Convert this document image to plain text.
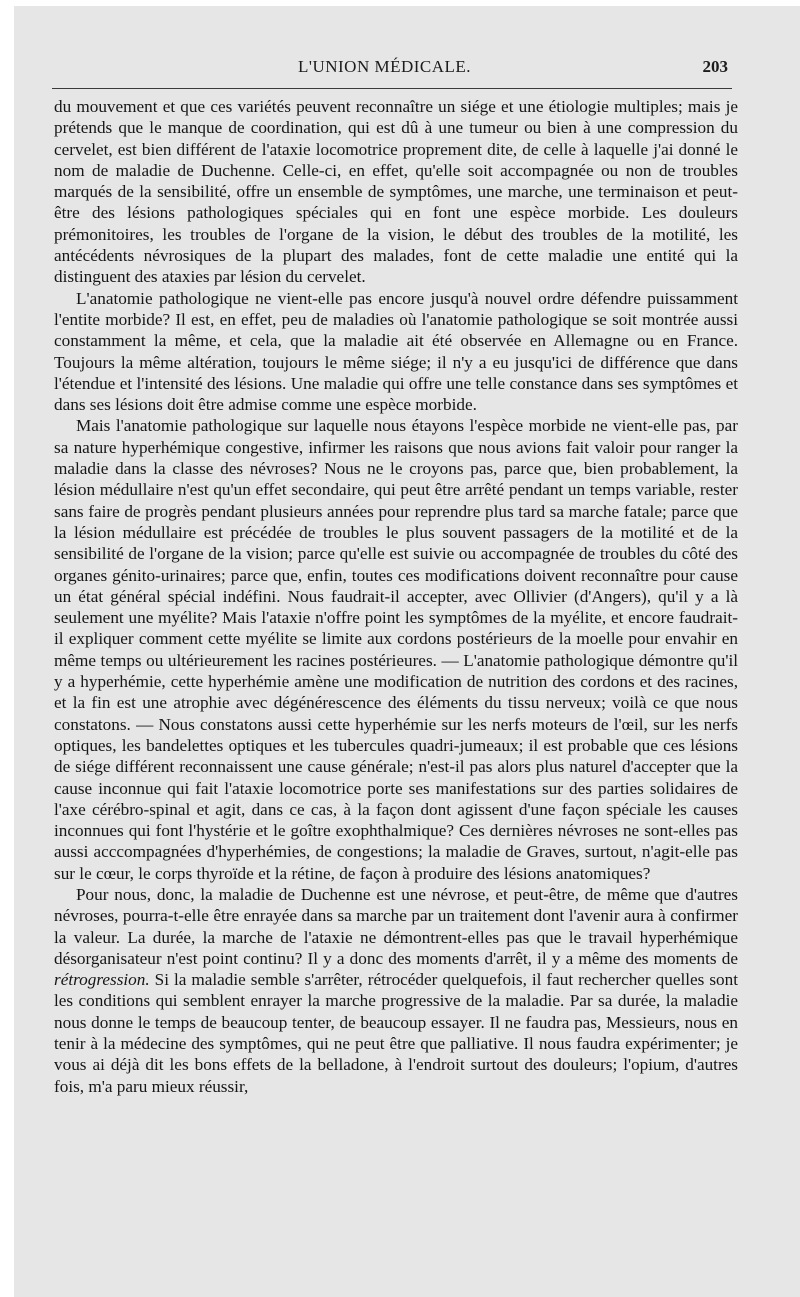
L'UNION MÉDICALE.	203

du mouvement et que ces variétés peuvent reconnaître un siége et une étiologie multiples; mais je prétends que le manque de coordination, qui est dû à une tumeur ou bien à une compression du cervelet, est bien différent de l'ataxie locomotrice proprement dite, de celle à laquelle j'ai donné le nom de maladie de Duchenne. Celle-ci, en effet, qu'elle soit accompagnée ou non de troubles marqués de la sensibilité, offre un ensemble de symptômes, une marche, une terminaison et peut-être des lésions pathologiques spéciales qui en font une espèce morbide. Les douleurs prémonitoires, les troubles de l'organe de la vision, le début des troubles de la motilité, les antécédents névrosiques de la plupart des malades, font de cette maladie une entité qui la distinguent des ataxies par lésion du cervelet.

L'anatomie pathologique ne vient-elle pas encore jusqu'à nouvel ordre défendre puissamment l'entite morbide? Il est, en effet, peu de maladies où l'anatomie pathologique se soit montrée aussi constamment la même, et cela, que la maladie ait été observée en Allemagne ou en France. Toujours la même altération, toujours le même siége; il n'y a eu jusqu'ici de différence que dans l'étendue et l'intensité des lésions. Une maladie qui offre une telle constance dans ses symptômes et dans ses lésions doit être admise comme une espèce morbide.

Mais l'anatomie pathologique sur laquelle nous étayons l'espèce morbide ne vient-elle pas, par sa nature hyperhémique congestive, infirmer les raisons que nous avions fait valoir pour ranger la maladie dans la classe des névroses? Nous ne le croyons pas, parce que, bien probablement, la lésion médullaire n'est qu'un effet secondaire, qui peut être arrêté pendant un temps variable, rester sans faire de progrès pendant plusieurs années pour reprendre plus tard sa marche fatale; parce que la lésion médullaire est précédée de troubles le plus souvent passagers de la motilité et de la sensibilité de l'organe de la vision; parce qu'elle est suivie ou accompagnée de troubles du côté des organes génito-urinaires; parce que, enfin, toutes ces modifications doivent reconnaître pour cause un état général spécial indéfini. Nous faudrait-il accepter, avec Ollivier (d'Angers), qu'il y a là seulement une myélite? Mais l'ataxie n'offre point les symptômes de la myélite, et encore faudrait-il expliquer comment cette myélite se limite aux cordons postérieurs de la moelle pour envahir en même temps ou ultérieurement les racines postérieures. — L'anatomie pathologique démontre qu'il y a hyperhémie, cette hyperhémie amène une modification de nutrition des cordons et des racines, et la fin est une atrophie avec dégénérescence des éléments du tissu nerveux; voilà ce que nous constatons. — Nous constatons aussi cette hyperhémie sur les nerfs moteurs de l'œil, sur les nerfs optiques, les bandelettes optiques et les tubercules quadri-jumeaux; il est probable que ces lésions de siége différent reconnaissent une cause générale; n'est-il pas alors plus naturel d'accepter que la cause inconnue qui fait l'ataxie locomotrice porte ses manifestations sur des parties solidaires de l'axe cérébro-spinal et agit, dans ce cas, à la façon dont agissent d'une façon spéciale les causes inconnues qui font l'hystérie et le goître exophthalmique? Ces dernières névroses ne sont-elles pas aussi acccompagnées d'hyperhémies, de congestions; la maladie de Graves, surtout, n'agit-elle pas sur le cœur, le corps thyroïde et la rétine, de façon à produire des lésions anatomiques?

Pour nous, donc, la maladie de Duchenne est une névrose, et peut-être, de même que d'autres névroses, pourra-t-elle être enrayée dans sa marche par un traitement dont l'avenir aura à confirmer la valeur. La durée, la marche de l'ataxie ne démontrent-elles pas que le travail hyperhémique désorganisateur n'est point continu? Il y a donc des moments d'arrêt, il y a même des moments de rétrogression. Si la maladie semble s'arrêter, rétrocéder quelquefois, il faut rechercher quelles sont les conditions qui semblent enrayer la marche progressive de la maladie. Par sa durée, la maladie nous donne le temps de beaucoup tenter, de beaucoup essayer. Il ne faudra pas, Messieurs, nous en tenir à la médecine des symptômes, qui ne peut être que palliative. Il nous faudra expérimenter; je vous ai déjà dit les bons effets de la belladone, à l'endroit surtout des douleurs; l'opium, d'autres fois, m'a paru mieux réussir,
